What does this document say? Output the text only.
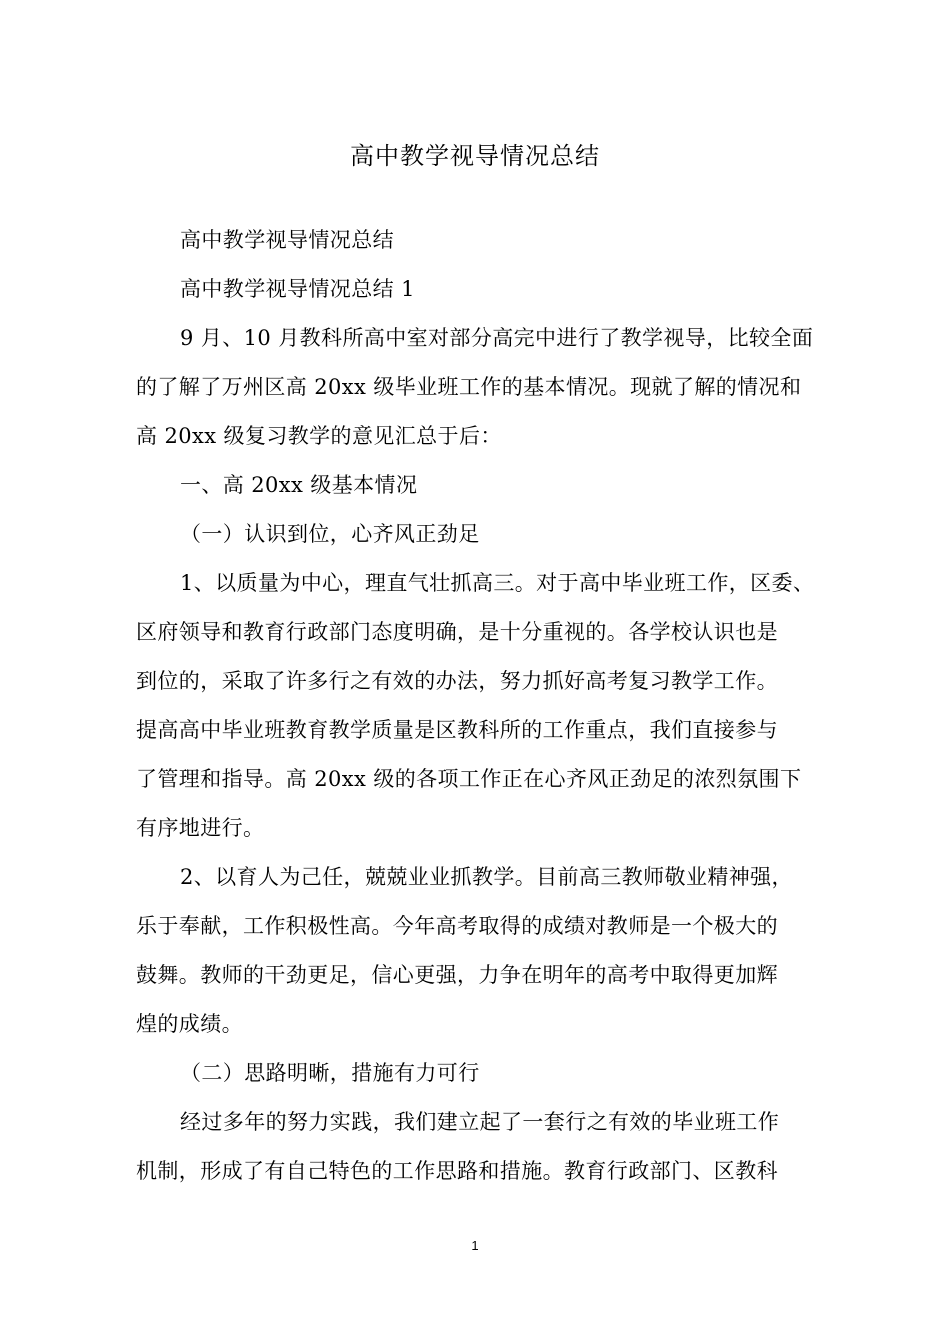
高中教学视导情况总结

高中教学视导情况总结

高中教学视导情况总结 1

9 月、10 月教科所高中室对部分高完中进行了教学视导，比较全面

的了解了万州区高 20xx 级毕业班工作的基本情况。现就了解的情况和

高 20xx 级复习教学的意见汇总于后：

一、高 20xx 级基本情况

（一）认识到位，心齐风正劲足

1、以质量为中心，理直气壮抓高三。对于高中毕业班工作，区委、

区府领导和教育行政部门态度明确，是十分重视的。各学校认识也是

到位的，采取了许多行之有效的办法，努力抓好高考复习教学工作。

提高高中毕业班教育教学质量是区教科所的工作重点，我们直接参与

了管理和指导。高 20xx 级的各项工作正在心齐风正劲足的浓烈氛围下

有序地进行。

2、以育人为己任，兢兢业业抓教学。目前高三教师敬业精神强，

乐于奉献，工作积极性高。今年高考取得的成绩对教师是一个极大的

鼓舞。教师的干劲更足，信心更强，力争在明年的高考中取得更加辉

煌的成绩。

（二）思路明晰，措施有力可行

经过多年的努力实践，我们建立起了一套行之有效的毕业班工作

机制，形成了有自己特色的工作思路和措施。教育行政部门、区教科

1
